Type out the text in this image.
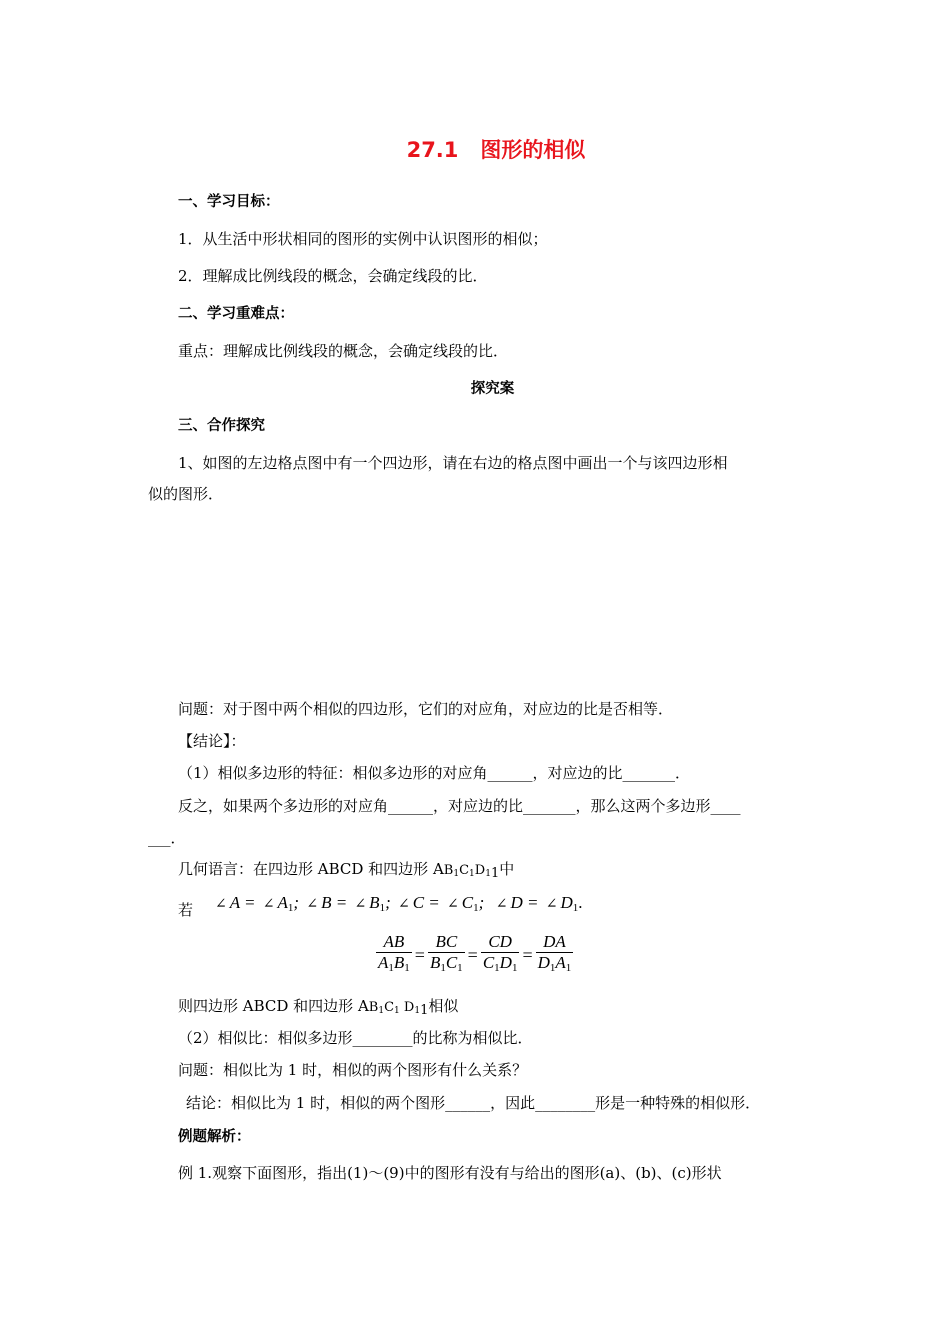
27.1 图形的相似
一、学习目标：
1．从生活中形状相同的图形的实例中认识图形的相似；
2．理解成比例线段的概念，会确定线段的比．
二、学习重难点：
重点：理解成比例线段的概念，会确定线段的比．
探究案
三、合作探究
1、如图的左边格点图中有一个四边形，请在右边的格点图中画出一个与该四边形相
似的图形．
问题：对于图中两个相似的四边形，它们的对应角，对应边的比是否相等．
【结论】：
（1）相似多边形的特征：相似多边形的对应角______，对应边的比_______．
反之，如果两个多边形的对应角______，对应边的比_______，那么这两个多边形____
___．
几何语言：在四边形 ABCD 和四边形 AB1C1D11中
若 ∠ A = ∠ $A_1$; ∠ B = ∠ $B_1$; ∠ C = ∠ $C_1$;  ∠ D = ∠ $D_1$.
$\frac{AB}{A_1B_1} = \frac{BC}{B_1C_1} = \frac{CD}{C_1D_1} = \frac{DA}{D_1A_1}$
则四边形 ABCD 和四边形 AB1C1 D11相似
（2）相似比：相似多边形________的比称为相似比．
问题：相似比为 1 时，相似的两个图形有什么关系？
结论：相似比为 1 时，相似的两个图形______，因此________形是一种特殊的相似形．
例题解析：
例 1.观察下面图形，指出(1)～(9)中的图形有没有与给出的图形(a)、(b)、(c)形状
